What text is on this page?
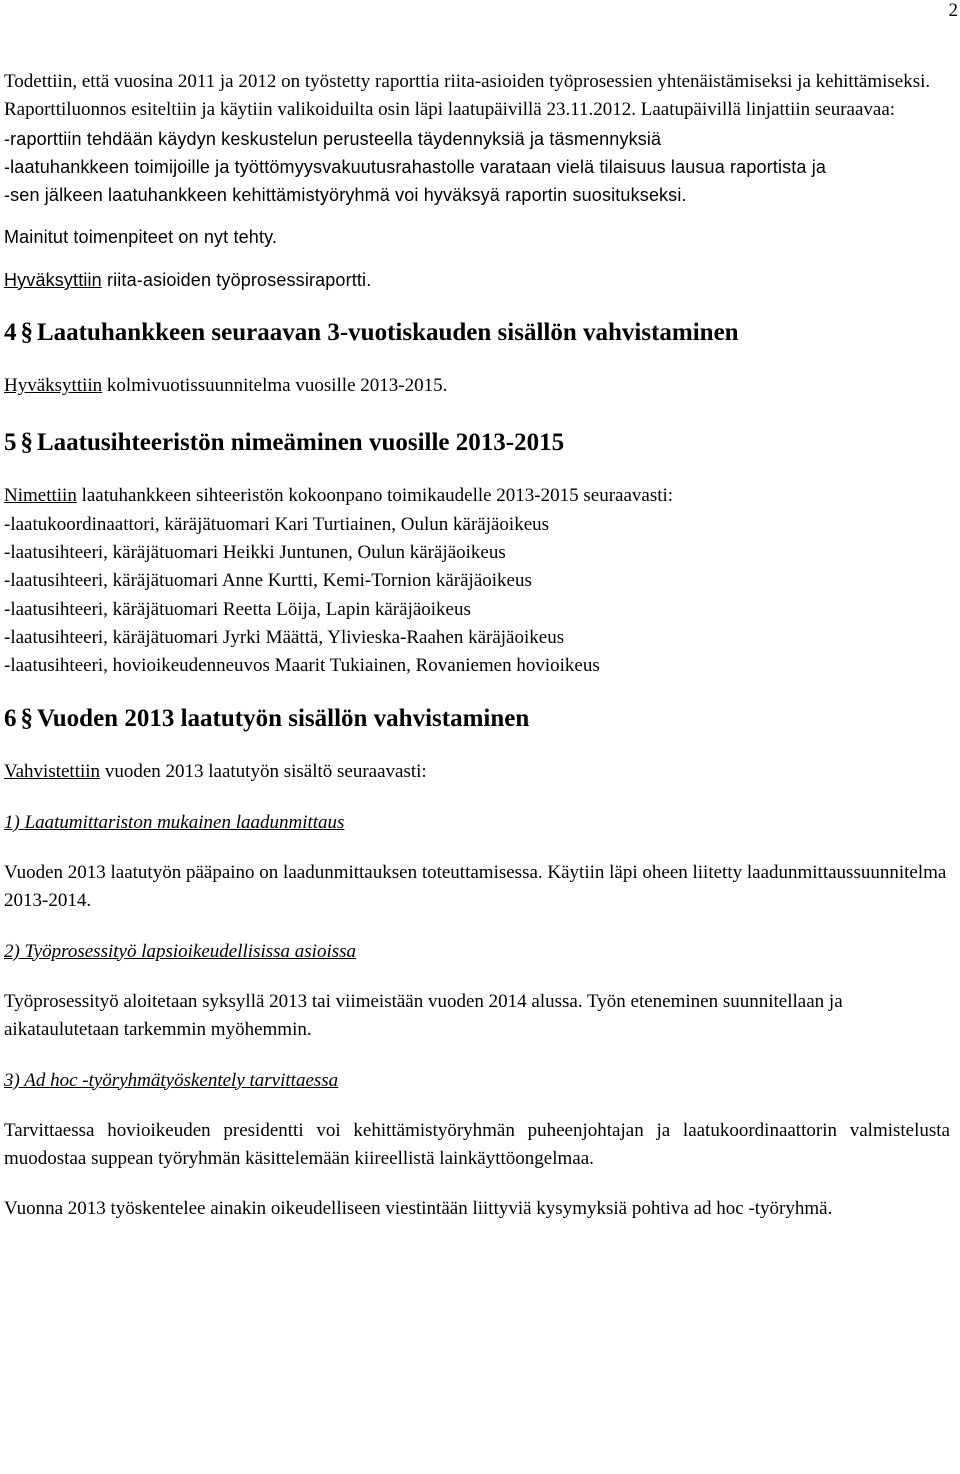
2

Todettiin, että vuosina 2011 ja 2012 on työstetty raporttia riita-asioiden työprosessien yhtenäistämiseksi ja kehittämiseksi. Raporttiluonnos esiteltiin ja käytiin valikoiduilta osin läpi laatupäivillä 23.11.2012. Laatupäivillä linjattiin seuraavaa:

-raporttiin tehdään käydyn keskustelun perusteella täydennyksiä ja täsmennyksiä

-laatuhankkeen toimijoille ja työttömyysvakuutusrahastolle varataan vielä tilaisuus lausua raportista ja

-sen jälkeen laatuhankkeen kehittämistyöryhmä voi hyväksyä raportin suositukseksi.

Mainitut toimenpiteet on nyt tehty.

Hyväksyttiin riita-asioiden työprosessiraportti.

4 § Laatuhankkeen seuraavan 3-vuotiskauden sisällön vahvistaminen

Hyväksyttiin kolmivuotissuunnitelma vuosille 2013-2015.

5 § Laatusihteeristön nimeäminen vuosille 2013-2015

Nimettiin laatuhankkeen sihteeristön kokoonpano toimikaudelle 2013-2015 seuraavasti:

-laatukoordinaattori, käräjätuomari Kari Turtiainen, Oulun käräjäoikeus
-laatusihteeri, käräjätuomari Heikki Juntunen, Oulun käräjäoikeus
-laatusihteeri, käräjätuomari Anne Kurtti, Kemi-Tornion käräjäoikeus
-laatusihteeri, käräjätuomari Reetta Löija, Lapin käräjäoikeus
-laatusihteeri, käräjätuomari Jyrki Määttä, Ylivieska-Raahen käräjäoikeus
-laatusihteeri, hovioikeudenneuvos Maarit Tukiainen, Rovaniemen hovioikeus
6 § Vuoden 2013 laatutyön sisällön vahvistaminen

Vahvistettiin vuoden 2013 laatutyön sisältö seuraavasti:

1) Laatumittariston mukainen laadunmittaus

Vuoden 2013 laatutyön pääpaino on laadunmittauksen toteuttamisessa. Käytiin läpi oheen liitetty laadunmittaussuunnitelma 2013-2014.

2) Työprosessityö lapsioikeudellisissa asioissa

Työprosessityö aloitetaan syksyllä 2013 tai viimeistään vuoden 2014 alussa. Työn eteneminen suunnitellaan ja aikataulutetaan tarkemmin myöhemmin.

3) Ad hoc -työryhmätyöskentely tarvittaessa

Tarvittaessa hovioikeuden presidentti voi kehittämistyöryhmän puheenjohtajan ja laatukoordinaattorin valmistelusta muodostaa suppean työryhmän käsittelemään kiireellistä lainkäyttöongelmaa.

Vuonna 2013 työskentelee ainakin oikeudelliseen viestintään liittyviä kysymyksiä pohtiva ad hoc -työryhmä.
